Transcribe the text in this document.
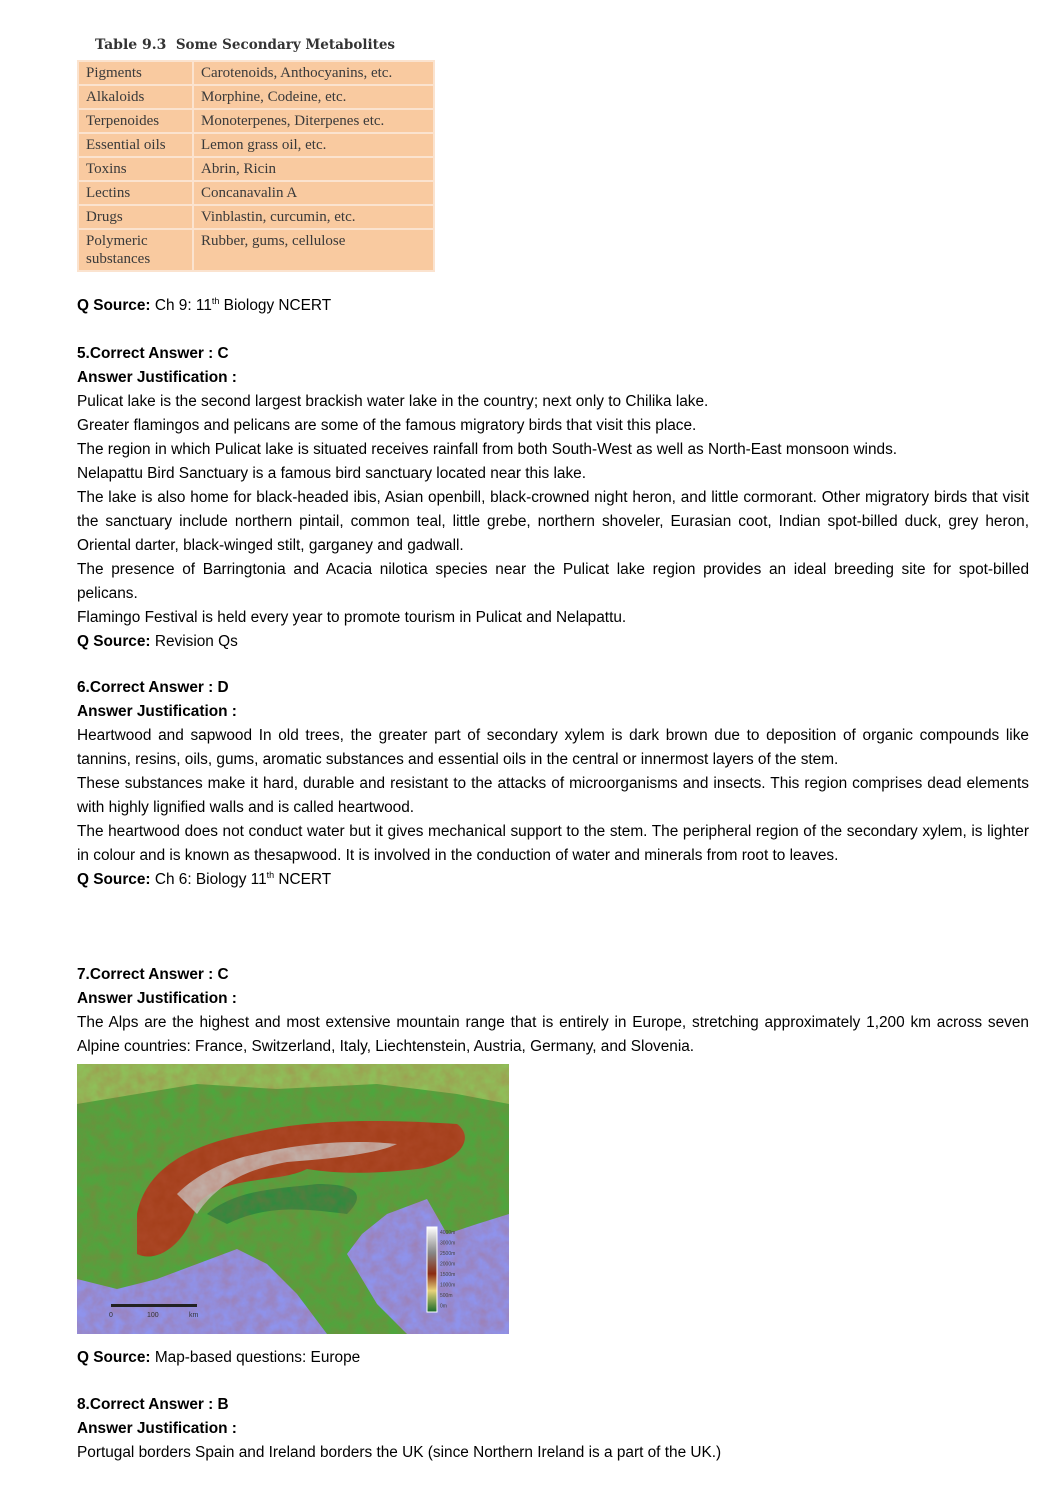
Table 9.3 Some Secondary Metabolites
Pigments	Carotenoids, Anthocyanins, etc.
Alkaloids	Morphine, Codeine, etc.
Terpenoides	Monoterpenes, Diterpenes etc.
Essential oils	Lemon grass oil, etc.
Toxins	Abrin, Ricin
Lectins	Concanavalin A
Drugs	Vinblastin, curcumin, etc.
Polymeric substances	Rubber, gums, cellulose

Q Source: Ch 9: 11th Biology NCERT

5.Correct Answer : C

Answer Justification :

Pulicat lake is the second largest brackish water lake in the country; next only to Chilika lake.

Greater flamingos and pelicans are some of the famous migratory birds that visit this place.

The region in which Pulicat lake is situated receives rainfall from both South-West as well as North-East monsoon winds.

Nelapattu Bird Sanctuary is a famous bird sanctuary located near this lake.

The lake is also home for black-headed ibis, Asian openbill, black-crowned night heron, and little cormorant. Other migratory birds that visit the sanctuary include northern pintail, common teal, little grebe, northern shoveler, Eurasian coot, Indian spot-billed duck, grey heron, Oriental darter, black-winged stilt, garganey and gadwall.

The presence of Barringtonia and Acacia nilotica species near the Pulicat lake region provides an ideal breeding site for spot-billed pelicans.

Flamingo Festival is held every year to promote tourism in Pulicat and Nelapattu.

Q Source: Revision Qs

6.Correct Answer : D

Answer Justification :

Heartwood and sapwood In old trees, the greater part of secondary xylem is dark brown due to deposition of organic compounds like tannins, resins, oils, gums, aromatic substances and essential oils in the central or innermost layers of the stem.

These substances make it hard, durable and resistant to the attacks of microorganisms and insects. This region comprises dead elements with highly lignified walls and is called heartwood.

The heartwood does not conduct water but it gives mechanical support to the stem. The peripheral region of the secondary xylem, is lighter in colour and is known as thesapwood. It is involved in the conduction of water and minerals from root to leaves.

Q Source: Ch 6: Biology 11th NCERT

7.Correct Answer : C

Answer Justification :

The Alps are the highest and most extensive mountain range that is entirely in Europe, stretching approximately 1,200 km across seven Alpine countries: France, Switzerland, Italy, Liechtenstein, Austria, Germany, and Slovenia.

0	100	km
4000m
3000m
2500m
2000m
1500m
1000m
500m
0m

Q Source: Map-based questions: Europe

8.Correct Answer : B

Answer Justification :

Portugal borders Spain and Ireland borders the UK (since Northern Ireland is a part of the UK.)
